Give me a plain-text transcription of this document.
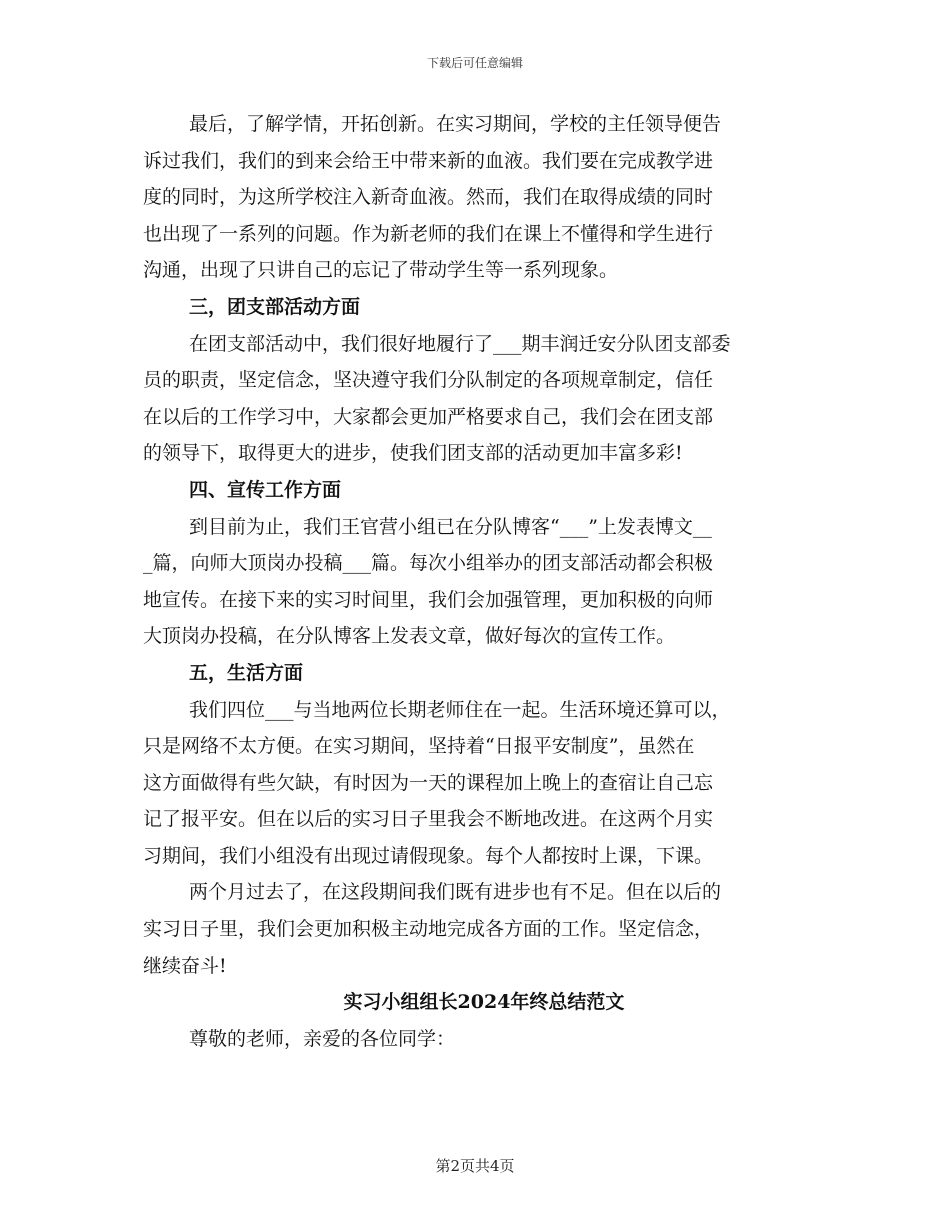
下载后可任意编辑
最后，了解学情，开拓创新。在实习期间，学校的主任领导便告
诉过我们，我们的到来会给王中带来新的血液。我们要在完成教学进
度的同时，为这所学校注入新奇血液。然而，我们在取得成绩的同时
也出现了一系列的问题。作为新老师的我们在课上不懂得和学生进行
沟通，出现了只讲自己的忘记了带动学生等一系列现象。
三，团支部活动方面
在团支部活动中，我们很好地履行了___期丰润迁安分队团支部委
员的职责，坚定信念，坚决遵守我们分队制定的各项规章制定，信任
在以后的工作学习中，大家都会更加严格要求自己，我们会在团支部
的领导下，取得更大的进步，使我们团支部的活动更加丰富多彩!
四、宣传工作方面
到目前为止，我们王官营小组已在分队博客“___”上发表博文__
_篇，向师大顶岗办投稿___篇。每次小组举办的团支部活动都会积极
地宣传。在接下来的实习时间里，我们会加强管理，更加积极的向师
大顶岗办投稿，在分队博客上发表文章，做好每次的宣传工作。
五，生活方面
我们四位___与当地两位长期老师住在一起。生活环境还算可以，
只是网络不太方便。在实习期间，坚持着“日报平安制度”，虽然在
这方面做得有些欠缺，有时因为一天的课程加上晚上的查宿让自己忘
记了报平安。但在以后的实习日子里我会不断地改进。在这两个月实
习期间，我们小组没有出现过请假现象。每个人都按时上课，下课。
两个月过去了，在这段期间我们既有进步也有不足。但在以后的
实习日子里，我们会更加积极主动地完成各方面的工作。坚定信念，
继续奋斗!
实习小组组长2024年终总结范文
尊敬的老师，亲爱的各位同学：
第2页共4页
